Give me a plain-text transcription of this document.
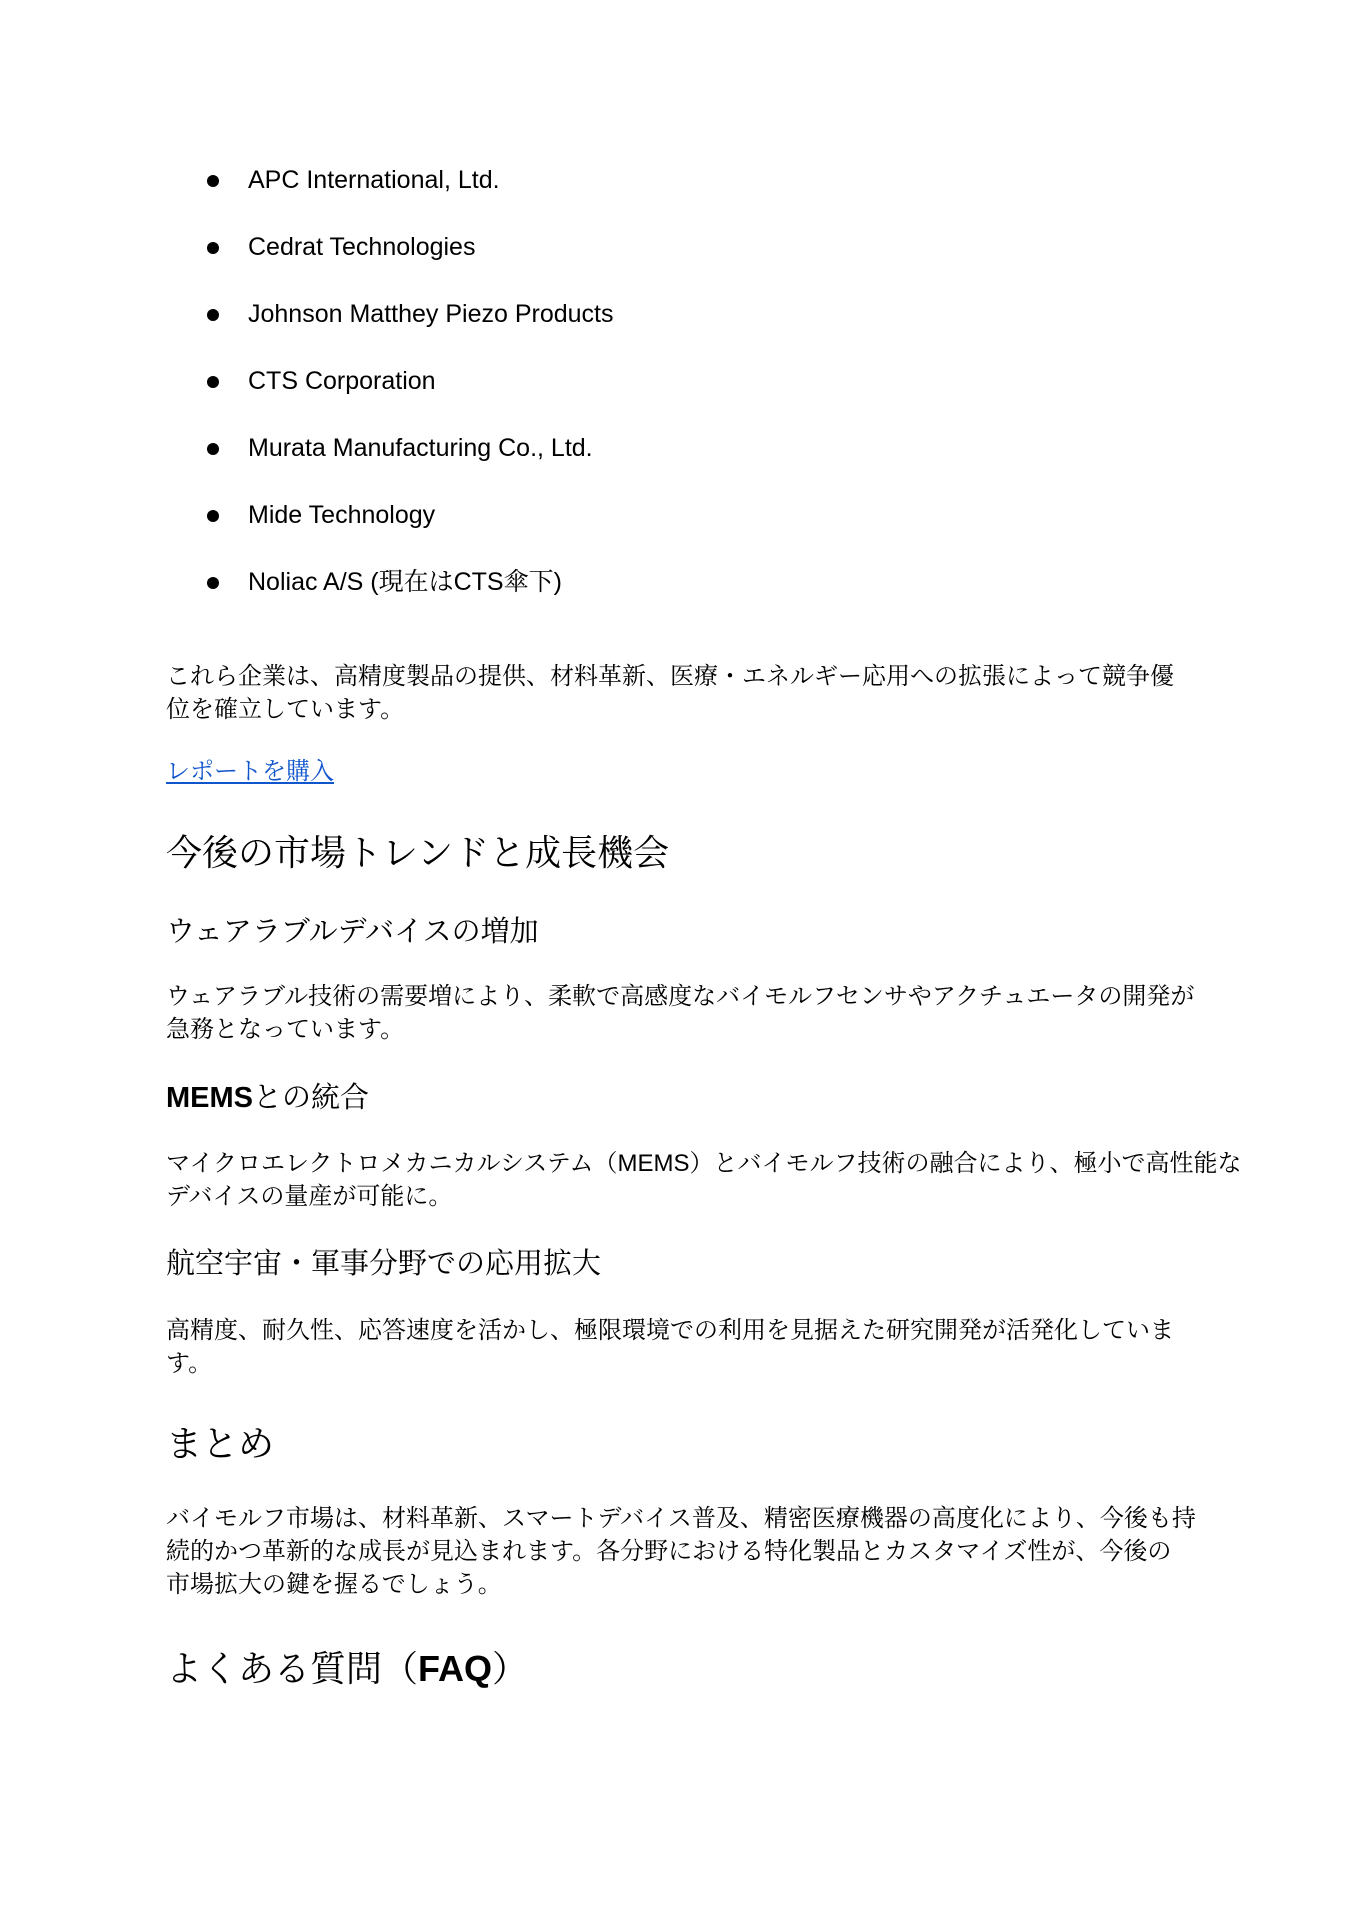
APC International, Ltd.
Cedrat Technologies
Johnson Matthey Piezo Products
CTS Corporation
Murata Manufacturing Co., Ltd.
Mide Technology
Noliac A/S (現在はCTS傘下)

これら企業は、高精度製品の提供、材料革新、医療・エネルギー応用への拡張によって競争優
位を確立しています。

レポートを購入
今後の市場トレンドと成長機会
ウェアラブルデバイスの増加

ウェアラブル技術の需要増により、柔軟で高感度なバイモルフセンサやアクチュエータの開発が
急務となっています。

MEMSとの統合

マイクロエレクトロメカニカルシステム（MEMS）とバイモルフ技術の融合により、極小で高性能な
デバイスの量産が可能に。

航空宇宙・軍事分野での応用拡大

高精度、耐久性、応答速度を活かし、極限環境での利用を見据えた研究開発が活発化していま
す。

まとめ

バイモルフ市場は、材料革新、スマートデバイス普及、精密医療機器の高度化により、今後も持
続的かつ革新的な成長が見込まれます。各分野における特化製品とカスタマイズ性が、今後の
市場拡大の鍵を握るでしょう。

よくある質問（FAQ）
